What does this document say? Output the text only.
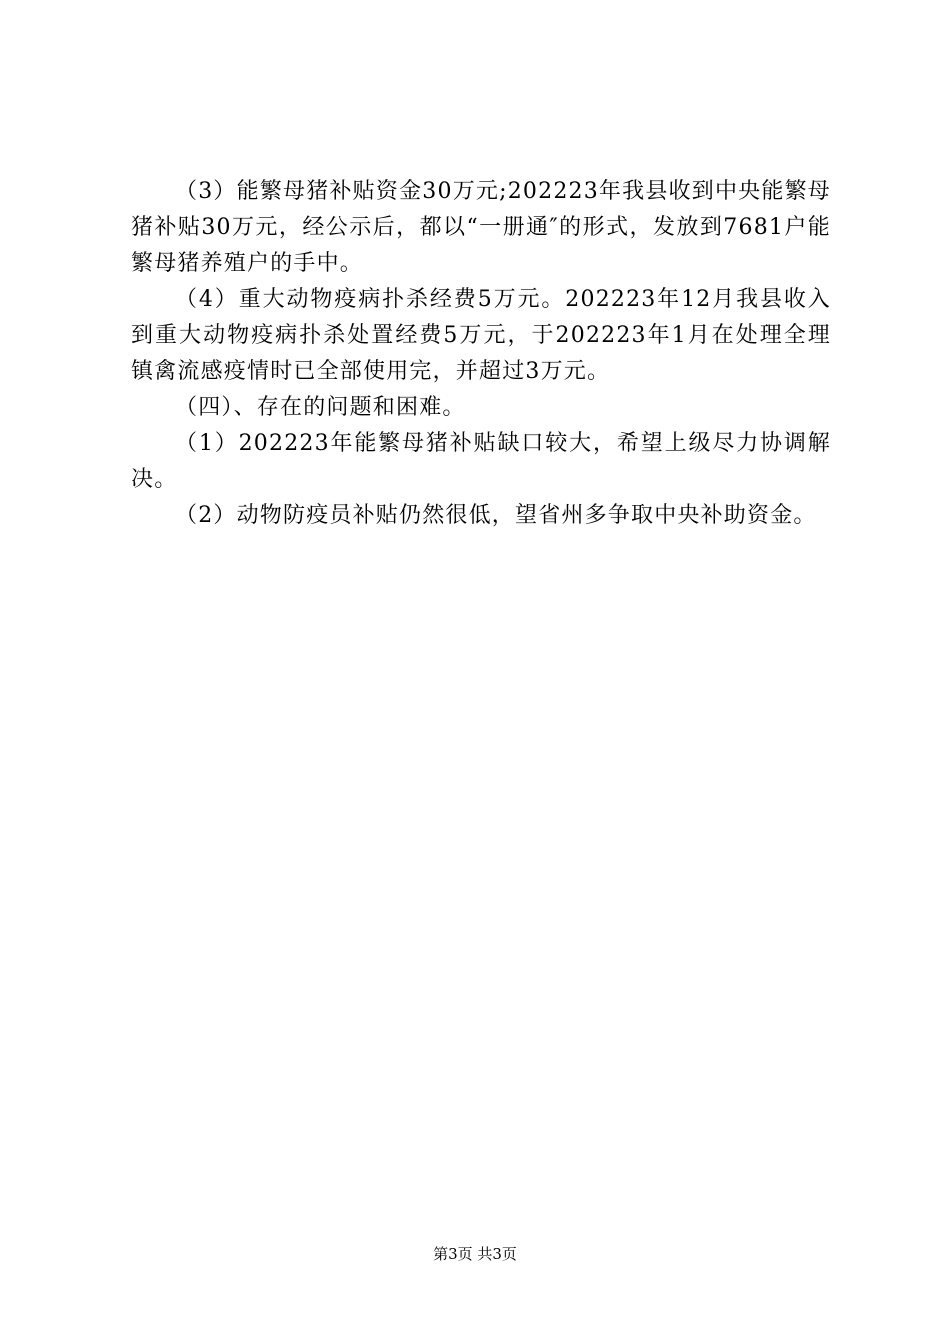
（3）能繁母猪补贴资金30万元;202223年我县收到中央能繁母猪补贴30万元，经公示后，都以“一册通″的形式，发放到7681户能繁母猪养殖户的手中。

（4）重大动物疫病扑杀经费5万元。202223年12月我县收入到重大动物疫病扑杀处置经费5万元，于202223年1月在处理全理镇禽流感疫情时已全部使用完，并超过3万元。

（四）、存在的问题和困难。

（1）202223年能繁母猪补贴缺口较大，希望上级尽力协调解决。

（2）动物防疫员补贴仍然很低，望省州多争取中央补助资金。

第3页 共3页
